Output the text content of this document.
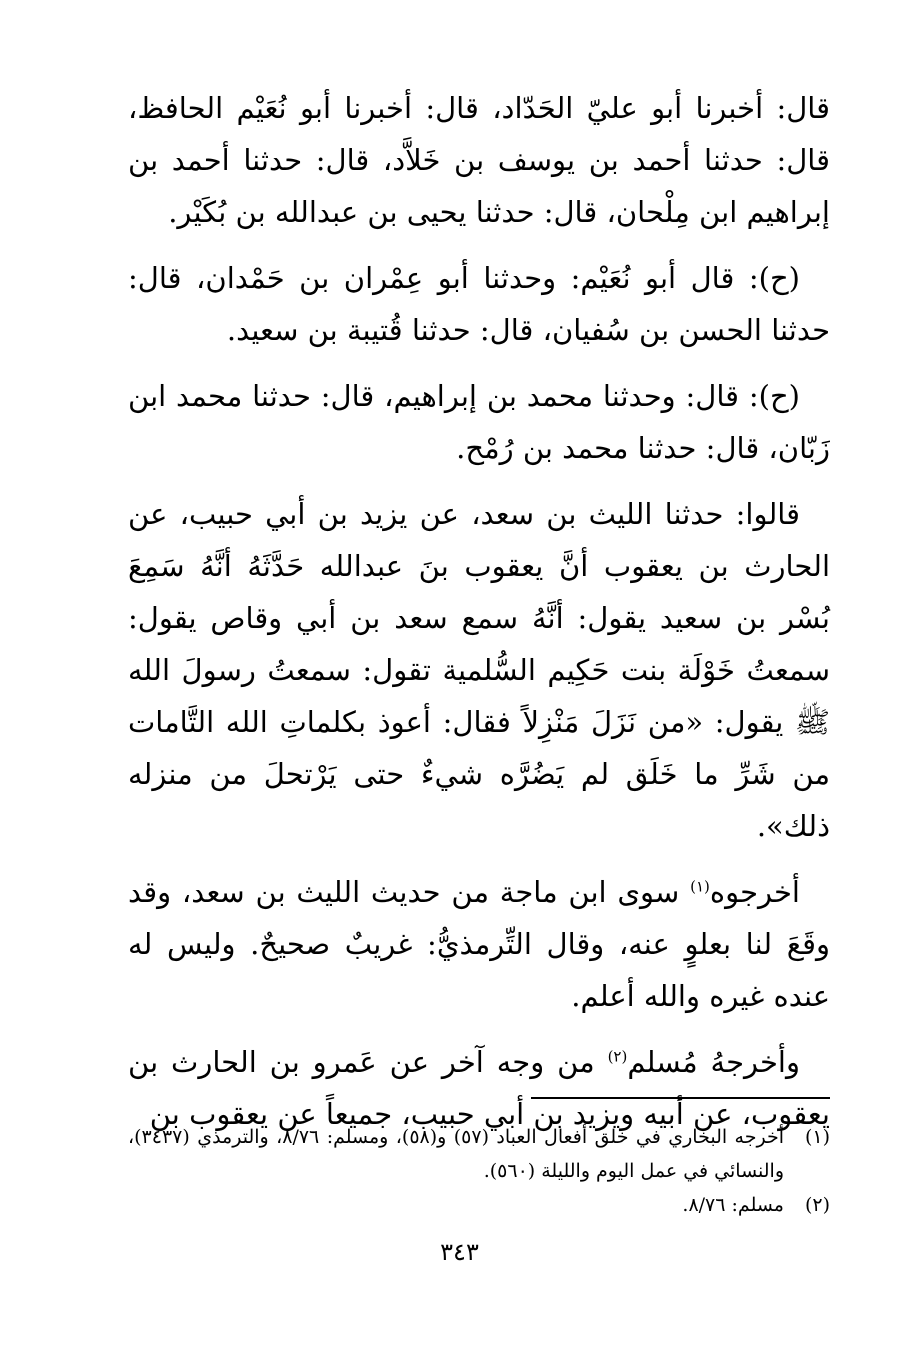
قال: أخبرنا أبو عليّ الحَدّاد، قال: أخبرنا أبو نُعَيْم الحافظ، قال: حدثنا أحمد بن يوسف بن خَلاَّد، قال: حدثنا أحمد بن إبراهيم ابن مِلْحان، قال: حدثنا يحيى بن عبدالله بن بُكَيْر.

(ح): قال أبو نُعَيْم: وحدثنا أبو عِمْران بن حَمْدان، قال: حدثنا الحسن بن سُفيان، قال: حدثنا قُتيبة بن سعيد.

(ح): قال: وحدثنا محمد بن إبراهيم، قال: حدثنا محمد ابن زَبّان، قال: حدثنا محمد بن رُمْح.

قالوا: حدثنا الليث بن سعد، عن يزيد بن أبي حبيب، عن الحارث بن يعقوب أنَّ يعقوب بنَ عبدالله حَدَّثَهُ أنَّهُ سَمِعَ بُسْر بن سعيد يقول: أنَّهُ سمع سعد بن أبي وقاص يقول: سمعتُ خَوْلَة بنت حَكِيم السُّلمية تقول: سمعتُ رسولَ الله ﷺ يقول: «من نَزَلَ مَنْزِلاً فقال: أعوذ بكلماتِ الله التَّامات من شَرِّ ما خَلَق لم يَضُرَّه شيءٌ حتى يَرْتحلَ من منزله ذلك».

أخرجوه$^{(١)}$ سوى ابن ماجة من حديث الليث بن سعد، وقد وقَعَ لنا بعلوٍ عنه، وقال التِّرمذيُّ: غريبٌ صحيحٌ. وليس له عنده غيره والله أعلم.

وأخرجهُ مُسلم$^{(٢)}$ من وجه آخر عن عَمرو بن الحارث بن يعقوب، عن أبيه ويزيد بن أبي حبيب، جميعاً عن يعقوب بن

(١)
أخرجه البخاري في خلق أفعال العباد (٥٧) و(٥٨)، ومسلم: ٨/٧٦، والترمذي (٣٤٣٧)، والنسائي في عمل اليوم والليلة (٥٦٠).
(٢)
مسلم: ٨/٧٦.
٣٤٣
